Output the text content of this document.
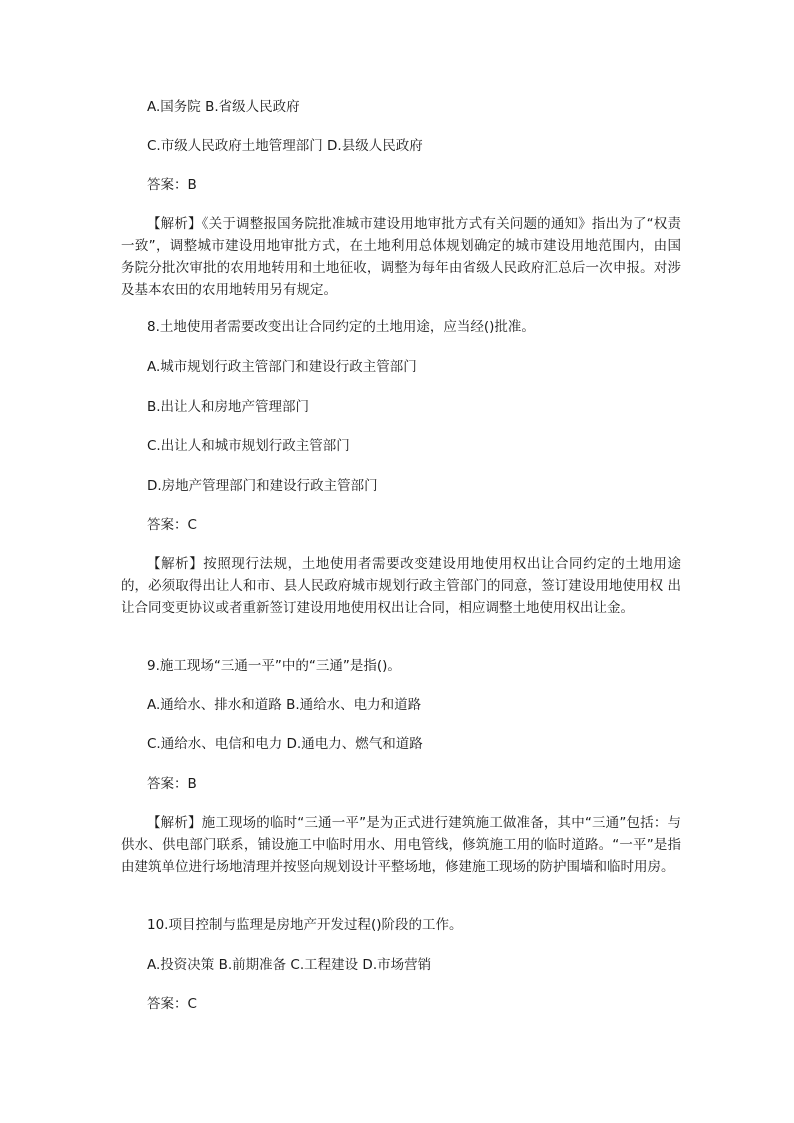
A.国务院 B.省级人民政府
C.市级人民政府土地管理部门 D.县级人民政府
答案：B
【解析】《关于调整报国务院批准城市建设用地审批方式有关问题的通知》指出为了“权责一致”，调整城市建设用地审批方式，在土地利用总体规划确定的城市建设用地范围内，由国务院分批次审批的农用地转用和土地征收，调整为每年由省级人民政府汇总后一次申报。对涉及基本农田的农用地转用另有规定。
8.土地使用者需要改变出让合同约定的土地用途，应当经()批准。
A.城市规划行政主管部门和建设行政主管部门
B.出让人和房地产管理部门
C.出让人和城市规划行政主管部门
D.房地产管理部门和建设行政主管部门
答案：C
【解析】按照现行法规，土地使用者需要改变建设用地使用权出让合同约定的土地用途的，必须取得出让人和市、县人民政府城市规划行政主管部门的同意，签订建设用地使用权 出让合同变更协议或者重新签订建设用地使用权出让合同，相应调整土地使用权出让金。
9.施工现场“三通一平”中的“三通”是指()。
A.通给水、排水和道路 B.通给水、电力和道路
C.通给水、电信和电力 D.通电力、燃气和道路
答案：B
【解析】施工现场的临时“三通一平”是为正式进行建筑施工做准备，其中“三通”包括：与供水、供电部门联系，铺设施工中临时用水、用电管线，修筑施工用的临时道路。“一平”是指由建筑单位进行场地清理并按竖向规划设计平整场地，修建施工现场的防护围墙和临时用房。
10.项目控制与监理是房地产开发过程()阶段的工作。
A.投资决策 B.前期准备 C.工程建设 D.市场营销
答案：C
